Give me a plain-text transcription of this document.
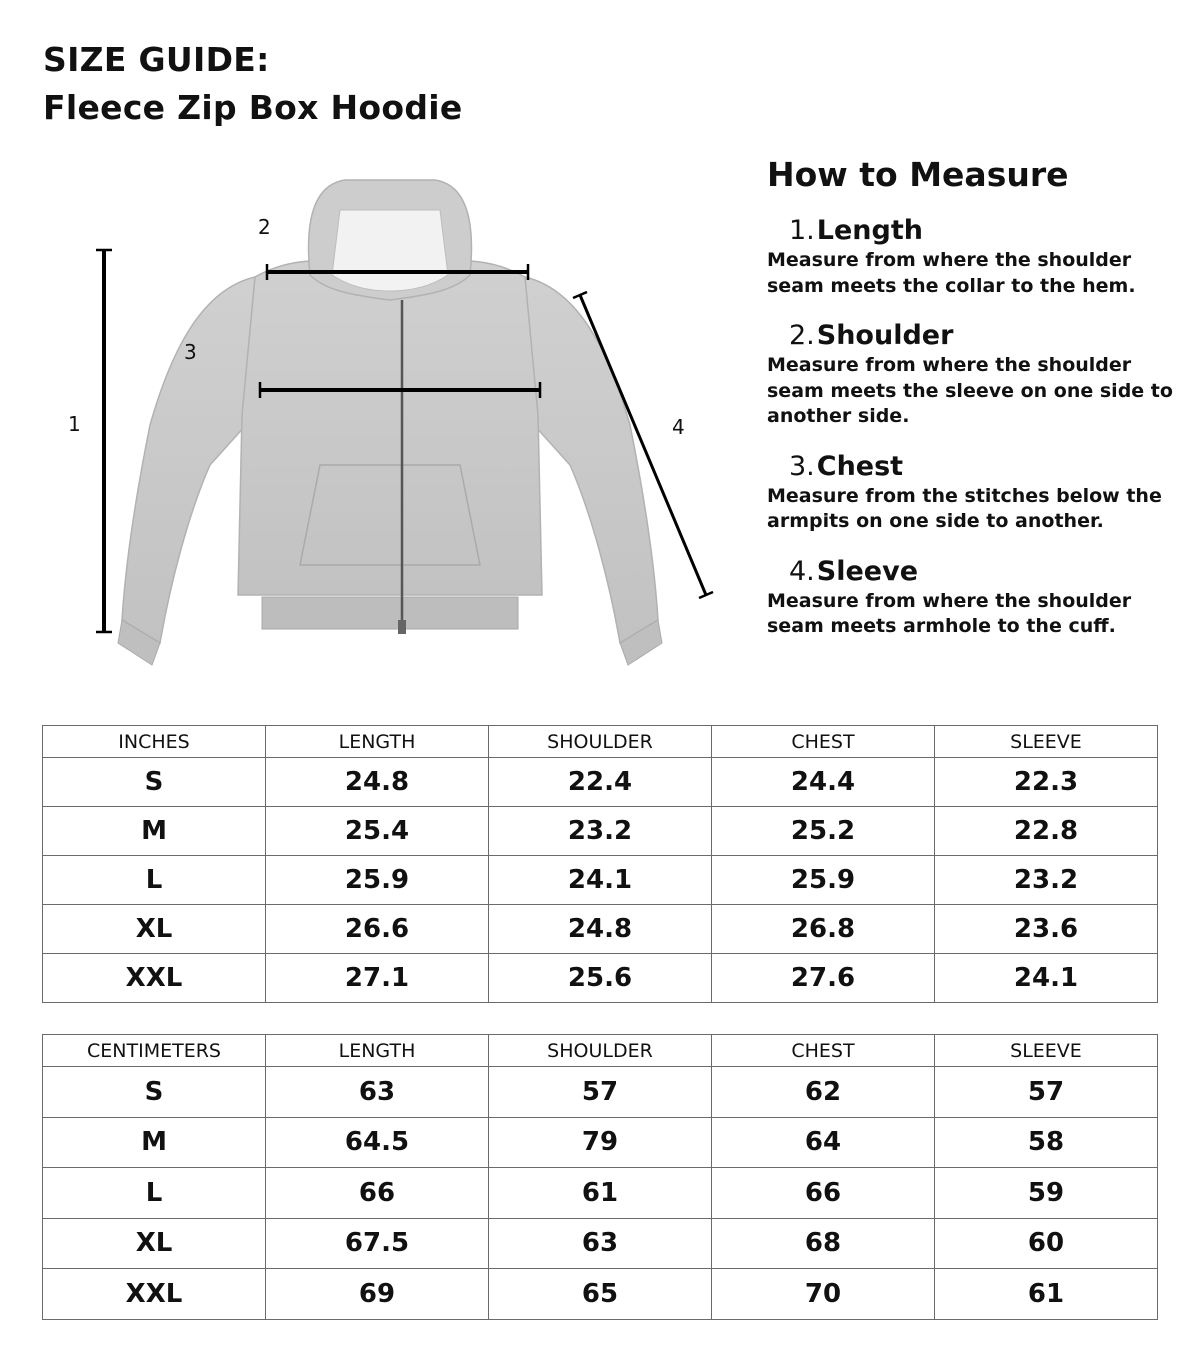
SIZE GUIDE:
Fleece Zip Box Hoodie
1
2
3
4
How to Measure
1.Length
Measure from where the shoulder seam meets the collar to the hem.
2.Shoulder
Measure from where the shoulder seam meets the sleeve on one side to another side.
3.Chest
Measure from the stitches below the armpits on one side to another.
4.Sleeve
Measure from where the shoulder seam meets armhole to the cuff.
INCHES	LENGTH	SHOULDER	CHEST	SLEEVE
S	24.8	22.4	24.4	22.3
M	25.4	23.2	25.2	22.8
L	25.9	24.1	25.9	23.2
XL	26.6	24.8	26.8	23.6
XXL	27.1	25.6	27.6	24.1
CENTIMETERS	LENGTH	SHOULDER	CHEST	SLEEVE
S	63	57	62	57
M	64.5	79	64	58
L	66	61	66	59
XL	67.5	63	68	60
XXL	69	65	70	61
